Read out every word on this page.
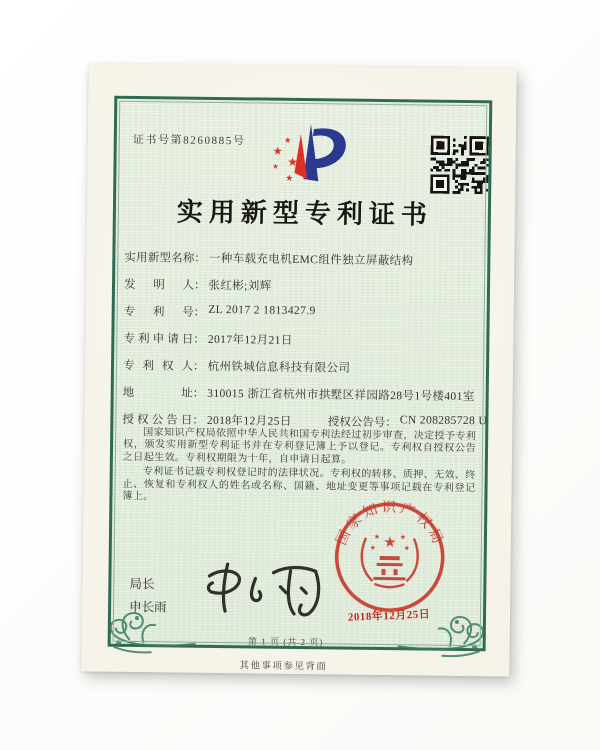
证书号第8260885号
★
★
★
★
★
实用新型专利证书
实用新型名称 ： 一种车载充电机EMC组件独立屏蔽结构
发明人 ： 张红彬;刘辉
专利号 ： ZL 2017 2 1813427.9
专利申请日 ： 2017年12月21日
专利权人 ： 杭州铁城信息科技有限公司
地址 ： 310015 浙江省杭州市拱墅区祥园路28号1号楼401室
授权公告日 ： 2018年12月25日	授权公告号 ： CN 208285728 U

国家知识产权局依照中华人民共和国专利法经过初步审查，决定授予专利权，颁发实用新型专利证书并在专利登记簿上予以登记。专利权自授权公告之日起生效。专利权期限为十年，自申请日起算。

专利证书记载专利权登记时的法律状况。专利权的转移、质押、无效、终止、恢复和专利权人的姓名或名称、国籍、地址变更等事项记载在专利登记簿上。

局长
申长雨
国家知识产权局
★
★	★
★	★
2018年12月25日
第 1 页 (共 2 页)
其他事项参见背面
